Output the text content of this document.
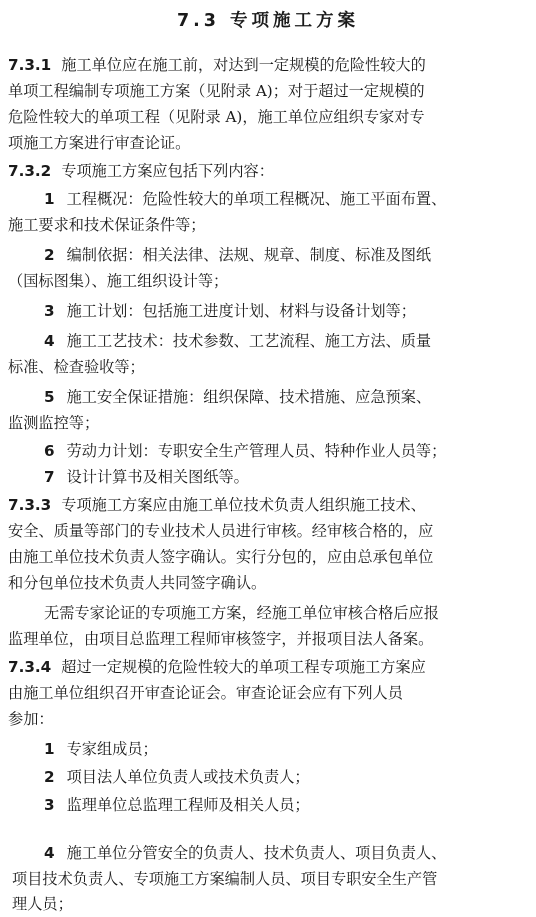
7.3 专项施工方案
7.3.1 施工单位应在施工前，对达到一定规模的危险性较大的
单项工程编制专项施工方案（见附录 A)；对于超过一定规模的
危险性较大的单项工程（见附录 A)，施工单位应组织专家对专
项施工方案进行审查论证。
7.3.2 专项施工方案应包括下列内容：
1 工程概况：危险性较大的单项工程概况、施工平面布置、
施工要求和技术保证条件等；
2 编制依据：相关法律、法规、规章、制度、标准及图纸
（国标图集）、施工组织设计等；
3 施工计划：包括施工进度计划、材料与设备计划等；
4 施工工艺技术：技术参数、工艺流程、施工方法、质量
标准、检查验收等；
5 施工安全保证措施：组织保障、技术措施、应急预案、
监测监控等；
6 劳动力计划：专职安全生产管理人员、特种作业人员等；
7 设计计算书及相关图纸等。
7.3.3 专项施工方案应由施工单位技术负责人组织施工技术、
安全、质量等部门的专业技术人员进行审核。经审核合格的，应
由施工单位技术负责人签字确认。实行分包的，应由总承包单位
和分包单位技术负责人共同签字确认。
无需专家论证的专项施工方案，经施工单位审核合格后应报
监理单位，由项目总监理工程师审核签字，并报项目法人备案。
7.3.4 超过一定规模的危险性较大的单项工程专项施工方案应
由施工单位组织召开审查论证会。审查论证会应有下列人员
参加：
1 专家组成员；
2 项目法人单位负责人或技术负责人；
3 监理单位总监理工程师及相关人员；
4 施工单位分管安全的负责人、技术负责人、项目负责人、
项目技术负责人、专项施工方案编制人员、项目专职安全生产管
理人员；
